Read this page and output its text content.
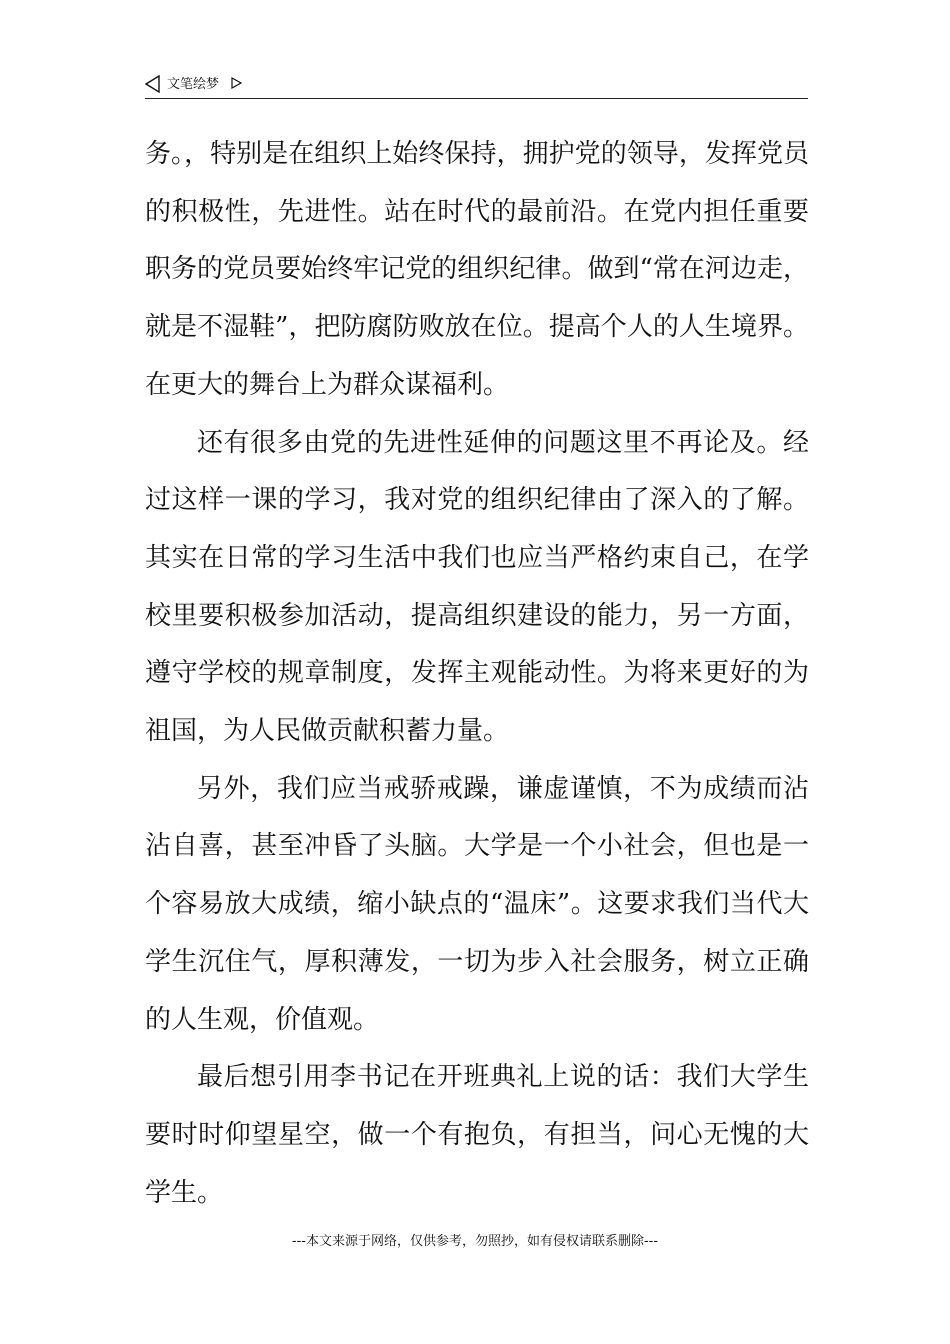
文笔绘梦

务。，特别是在组织上始终保持，拥护党的领导，发挥党员的积极性，先进性。站在时代的最前沿。在党内担任重要职务的党员要始终牢记党的组织纪律。做到“常在河边走，就是不湿鞋”，把防腐防败放在位。提高个人的人生境界。在更大的舞台上为群众谋福利。

还有很多由党的先进性延伸的问题这里不再论及。经过这样一课的学习，我对党的组织纪律由了深入的了解。其实在日常的学习生活中我们也应当严格约束自己，在学校里要积极参加活动，提高组织建设的能力，另一方面，遵守学校的规章制度，发挥主观能动性。为将来更好的为祖国，为人民做贡献积蓄力量。

另外，我们应当戒骄戒躁，谦虚谨慎，不为成绩而沾沾自喜，甚至冲昏了头脑。大学是一个小社会，但也是一个容易放大成绩，缩小缺点的“温床”。这要求我们当代大学生沉住气，厚积薄发，一切为步入社会服务，树立正确的人生观，价值观。

最后想引用李书记在开班典礼上说的话：我们大学生要时时仰望星空，做一个有抱负，有担当，问心无愧的大学生。

---本文来源于网络，仅供参考，勿照抄，如有侵权请联系删除---
